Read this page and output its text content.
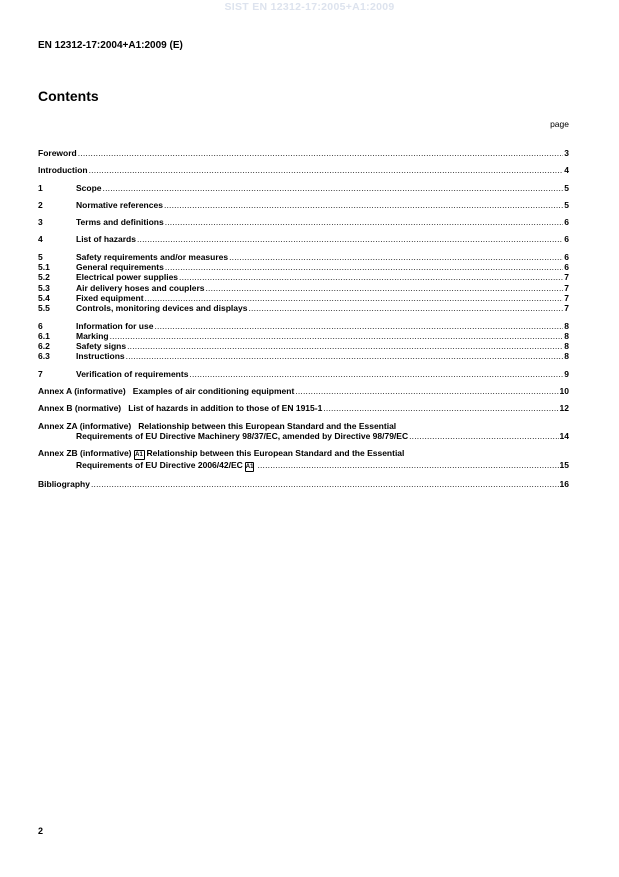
SIST EN 12312-17:2005+A1:2009
EN 12312-17:2004+A1:2009 (E)
Contents
page
Foreword .....	3
Introduction .....	4
1	Scope .....	5
2	Normative references .....	5
3	Terms and definitions .....	6
4	List of hazards .....	6
5	Safety requirements and/or measures .....	6
5.1	General requirements .....	6
5.2	Electrical power supplies .....	7
5.3	Air delivery hoses and couplers .....	7
5.4	Fixed equipment .....	7
5.5	Controls, monitoring devices and displays .....	7
6	Information for use .....	8
6.1	Marking .....	8
6.2	Safety signs .....	8
6.3	Instructions .....	8
7	Verification of requirements .....	9
Annex A (informative)   Examples of air conditioning equipment .....	10
Annex B (normative)   List of hazards in addition to those of EN 1915-1 .....	12
Annex ZA (informative)   Relationship between this European Standard and the Essential
Requirements of EU Directive Machinery 98/37/EC, amended by Directive 98/79/EC .....	14
Annex ZB (informative) A1 Relationship between this European Standard and the Essential
Requirements of EU Directive 2006/42/EC A1 .....	15
Bibliography .....	16
2
